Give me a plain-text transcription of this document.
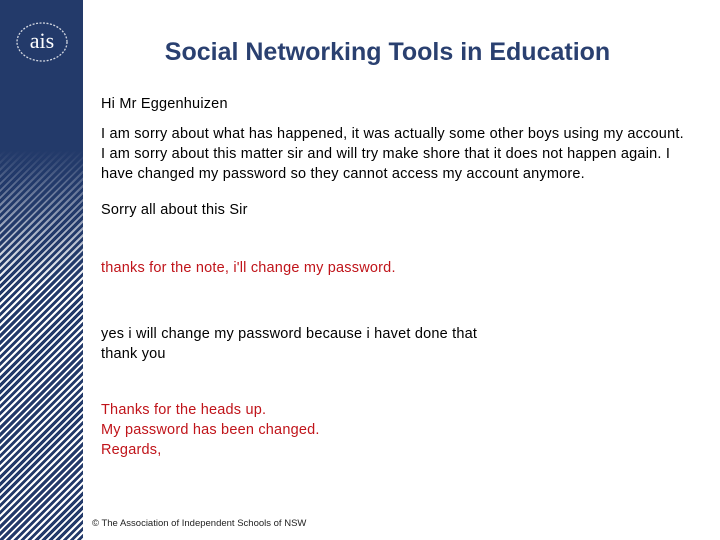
ais	Social Networking Tools in Education

Hi Mr Eggenhuizen

I am sorry about what has happened, it was actually some other boys using my account. I am sorry about this matter sir and will try make shore that it does not happen again. I have changed my password so they cannot access my account anymore.

Sorry all about this Sir

thanks for the note, i'll change my password.

yes i will change my password because i havet done that
thank you

Thanks for the heads up.
My password has been changed.
Regards,

© The Association of Independent Schools of NSW
